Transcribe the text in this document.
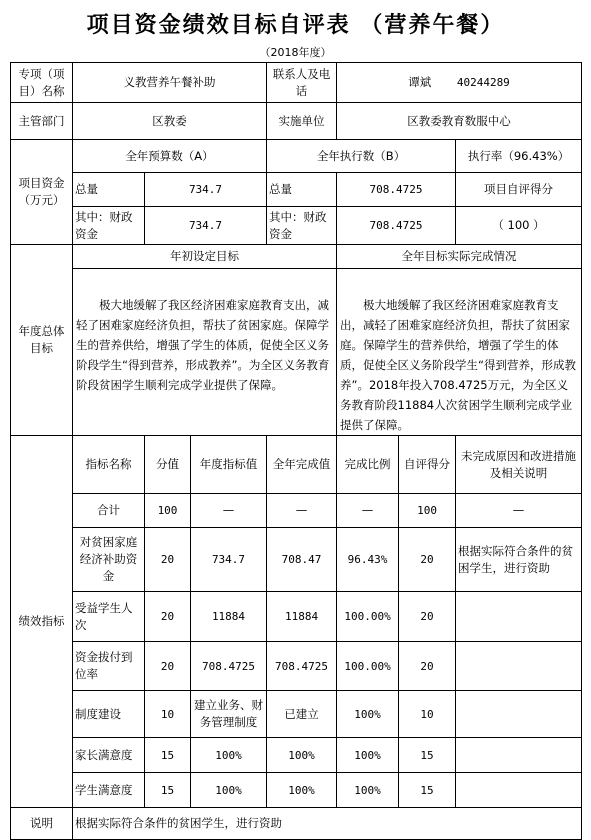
项目资金绩效目标自评表 （营养午餐）
（2018年度）
专项（项目）名称	义教营养午餐补助			联系人及电话	谭斌 40244289		
主管部门	区教委			实施单位	区教委教育数服中心		
项目资金（万元）	全年预算数（A）			全年执行数（B）			执行率（96.43%）
	总量	734.7		总量	708.4725		项目自评得分
	其中：财政资金	734.7		其中：财政资金	708.4725		（ 100 ）
年度总体目标	年初设定目标				全年目标实际完成情况		
	极大地缓解了我区经济困难家庭教育支出，减轻了困难家庭经济负担，帮扶了贫困家庭。保障学生的营养供给，增强了学生的体质，促使全区义务阶段学生“得到营养，形成教养”。为全区义务教育阶段贫困学生顺利完成学业提供了保障。				极大地缓解了我区经济困难家庭教育支出，减轻了困难家庭经济负担，帮扶了贫困家庭。保障学生的营养供给，增强了学生的体质，促使全区义务阶段学生“得到营养，形成教养”。2018年投入708.4725万元，为全区义务教育阶段11884人次贫困学生顺利完成学业提供了保障。		
绩效指标	指标名称	分值	年度指标值	全年完成值	完成比例	自评得分	未完成原因和改进措施
及相关说明
	合计	100	—	—	—	100	—
	对贫困家庭经济补助资金	20	734.7	708.47	96.43%	20	根据实际符合条件的贫困学生，进行资助
	受益学生人次	20	11884	11884	100.00%	20	
	资金拔付到位率	20	708.4725	708.4725	100.00%	20	
	制度建设	10	建立业务、财务管理制度	已建立	100%	10	
	家长满意度	15	100%	100%	100%	15	
	学生满意度	15	100%	100%	100%	15	
说明	根据实际符合条件的贫困学生，进行资助						
